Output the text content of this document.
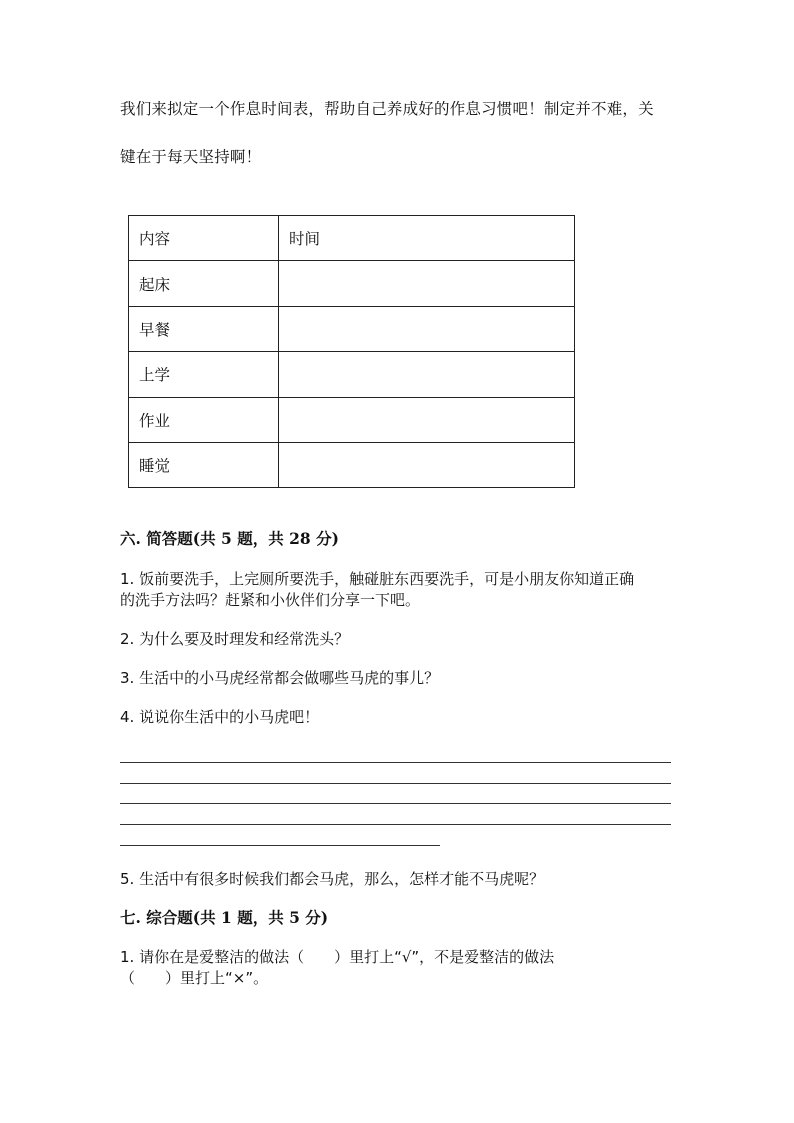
我们来拟定一个作息时间表，帮助自己养成好的作息习惯吧！制定并不难，关
键在于每天坚持啊！
内容	时间
起床	
早餐	
上学	
作业	
睡觉	
六. 简答题(共 5 题，共 28 分)
1. 饭前要洗手，上完厕所要洗手，触碰脏东西要洗手，可是小朋友你知道正确
的洗手方法吗？赶紧和小伙伴们分享一下吧。
2. 为什么要及时理发和经常洗头？
3. 生活中的小马虎经常都会做哪些马虎的事儿？
4. 说说你生活中的小马虎吧！
5. 生活中有很多时候我们都会马虎，那么，怎样才能不马虎呢？
七. 综合题(共 1 题，共 5 分)
1. 请你在是爱整洁的做法（　　）里打上“√”，不是爱整洁的做法
（　　）里打上“×”。
